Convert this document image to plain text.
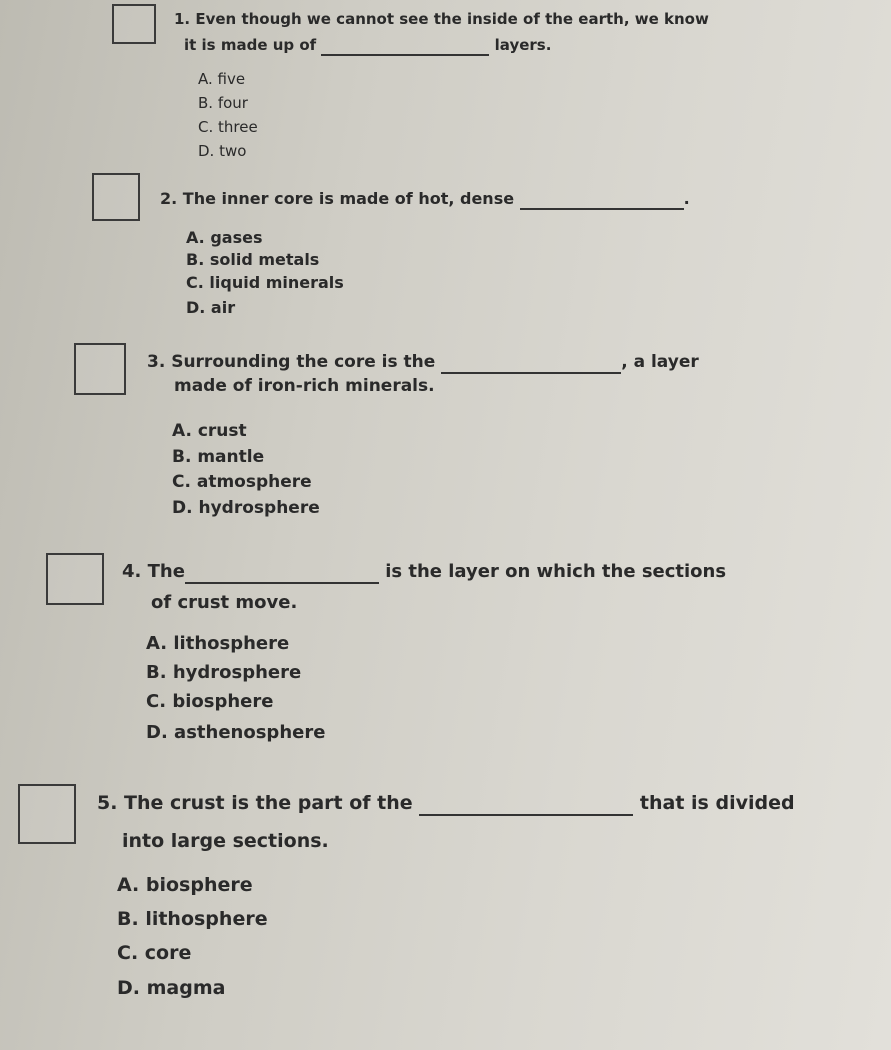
1. Even though we cannot see the inside of the earth, we know
it is made up of	layers.
A. five
B. four
C. three
D. two
2. The inner core is made of hot, dense	.
A. gases
B. solid metals
C. liquid minerals
D. air
3. Surrounding the core is the	, a layer
made of iron-rich minerals.
A. crust
B. mantle
C. atmosphere
D. hydrosphere
4. The	is the layer on which the sections
of crust move.
A. lithosphere
B. hydrosphere
C. biosphere
D. asthenosphere
5. The crust is the part of the	that is divided
into large sections.
A. biosphere
B. lithosphere
C. core
D. magma
